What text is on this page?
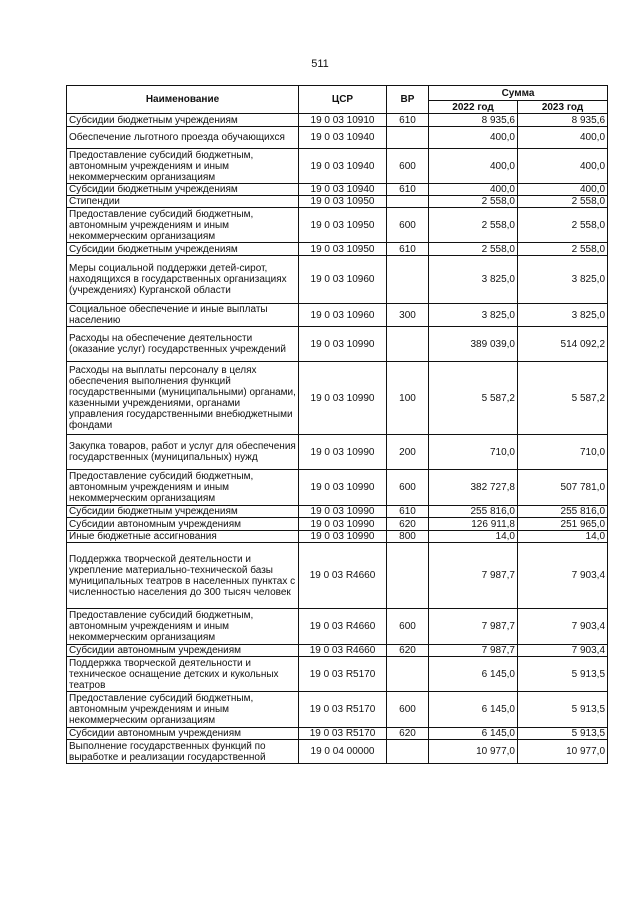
511
Наименование	ЦСР	ВР	Сумма	
			2022 год	2023 год
Субсидии бюджетным учреждениям	19 0 03 10910	610	8 935,6	8 935,6
Обеспечение льготного проезда обучающихся	19 0 03 10940		400,0	400,0
Предоставление субсидий бюджетным, автономным учреждениям и иным некоммерческим организациям	19 0 03 10940	600	400,0	400,0
Субсидии бюджетным учреждениям	19 0 03 10940	610	400,0	400,0
Стипендии	19 0 03 10950		2 558,0	2 558,0
Предоставление субсидий бюджетным, автономным учреждениям и иным некоммерческим организациям	19 0 03 10950	600	2 558,0	2 558,0
Субсидии бюджетным учреждениям	19 0 03 10950	610	2 558,0	2 558,0
Меры социальной поддержки детей-сирот, находящихся в государственных организациях (учреждениях) Курганской области	19 0 03 10960		3 825,0	3 825,0
Социальное обеспечение и иные выплаты населению	19 0 03 10960	300	3 825,0	3 825,0
Расходы на обеспечение деятельности (оказание услуг) государственных учреждений	19 0 03 10990		389 039,0	514 092,2
Расходы на выплаты персоналу в целях обеспечения выполнения функций государственными (муниципальными) органами, казенными учреждениями, органами управления государственными внебюджетными фондами	19 0 03 10990	100	5 587,2	5 587,2
Закупка товаров, работ и услуг для обеспечения государственных (муниципальных) нужд	19 0 03 10990	200	710,0	710,0
Предоставление субсидий бюджетным, автономным учреждениям и иным некоммерческим организациям	19 0 03 10990	600	382 727,8	507 781,0
Субсидии бюджетным учреждениям	19 0 03 10990	610	255 816,0	255 816,0
Субсидии автономным учреждениям	19 0 03 10990	620	126 911,8	251 965,0
Иные бюджетные ассигнования	19 0 03 10990	800	14,0	14,0
Поддержка творческой деятельности и укрепление материально-технической базы муниципальных театров в населенных пунктах с численностью населения до 300 тысяч человек	19 0 03 R4660		7 987,7	7 903,4
Предоставление субсидий бюджетным, автономным учреждениям и иным некоммерческим организациям	19 0 03 R4660	600	7 987,7	7 903,4
Субсидии автономным учреждениям	19 0 03 R4660	620	7 987,7	7 903,4
Поддержка творческой деятельности и техническое оснащение детских и кукольных театров	19 0 03 R5170		6 145,0	5 913,5
Предоставление субсидий бюджетным, автономным учреждениям и иным некоммерческим организациям	19 0 03 R5170	600	6 145,0	5 913,5
Субсидии автономным учреждениям	19 0 03 R5170	620	6 145,0	5 913,5
Выполнение государственных функций по выработке и реализации государственной	19 0 04 00000		10 977,0	10 977,0
